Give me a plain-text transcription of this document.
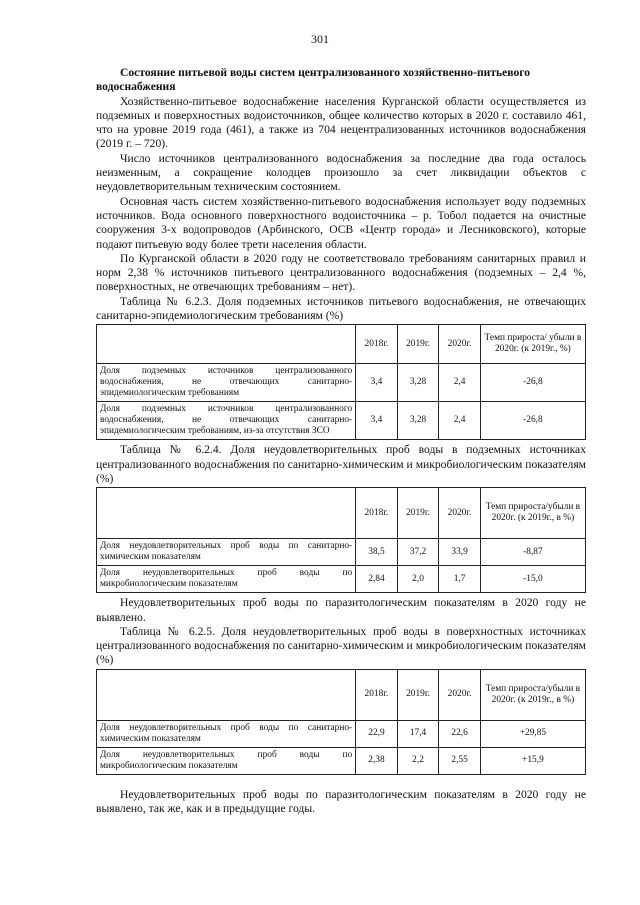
301

Состояние питьевой воды систем централизованного хозяйственно-питьевого
водоснабжения

Хозяйственно-питьевое водоснабжение населения Курганской области осуществляется из подземных и поверхностных водоисточников, общее количество которых в 2020 г. составило 461, что на уровне 2019 года (461), а также из 704 нецентрализованных источников водоснабжения (2019 г. – 720).

Число источников централизованного водоснабжения за последние два года осталось неизменным, а сокращение колодцев произошло за счет ликвидации объектов с неудовлетворительным техническим состоянием.

Основная часть систем хозяйственно-питьевого водоснабжения использует воду подземных источников. Вода основного поверхностного водоисточника – р. Тобол подается на очистные сооружения 3-х водопроводов (Арбинского, ОСВ «Центр города» и Лесниковского), которые подают питьевую воду более трети населения области.

По Курганской области в 2020 году не соответствовало требованиям санитарных правил и норм 2,38 % источников питьевого централизованного водоснабжения (подземных – 2,4 %, поверхностных, не отвечающих требованиям – нет).

Таблица № 6.2.3. Доля подземных источников питьевого водоснабжения, не отвечающих санитарно-эпидемиологическим требованиям (%)

	2018г.	2019г.	2020г.	Темп прироста/ убыли в 2020г. (к 2019г., %)
Доля подземных источников централизованного водоснабжения, не отвечающих санитарно-эпидемиологическим требованиям	3,4	3,28	2,4	-26,8
Доля подземных источников централизованного водоснабжения, не отвечающих санитарно-эпидемиологическим требованиям, из-за отсутствия ЗСО	3,4	3,28	2,4	-26,8

Таблица № 6.2.4. Доля неудовлетворительных проб воды в подземных источниках централизованного водоснабжения по санитарно-химическим и микробиологическим показателям (%)

	2018г.	2019г.	2020г.	Темп прироста/убыли в 2020г. (к 2019г., в %)
Доля неудовлетворительных проб воды по санитарно-химическим показателям	38,5	37,2	33,9	-8,87
Доля неудовлетворительных проб воды по микробиологическим показателям	2,84	2,0	1,7	-15,0

Неудовлетворительных проб воды по паразитологическим показателям в 2020 году не выявлено.

Таблица № 6.2.5. Доля неудовлетворительных проб воды в поверхностных источниках централизованного водоснабжения по санитарно-химическим и микробиологическим показателям (%)

	2018г.	2019г.	2020г.	Темп прироста/убыли в 2020г. (к 2019г., в %)
Доля неудовлетворительных проб воды по санитарно-химическим показателям	22,9	17,4	22,6	+29,85
Доля неудовлетворительных проб воды по микробиологическим показателям	2,38	2,2	2,55	+15,9

Неудовлетворительных проб воды по паразитологическим показателям в 2020 году не выявлено, так же, как и в предыдущие годы.
